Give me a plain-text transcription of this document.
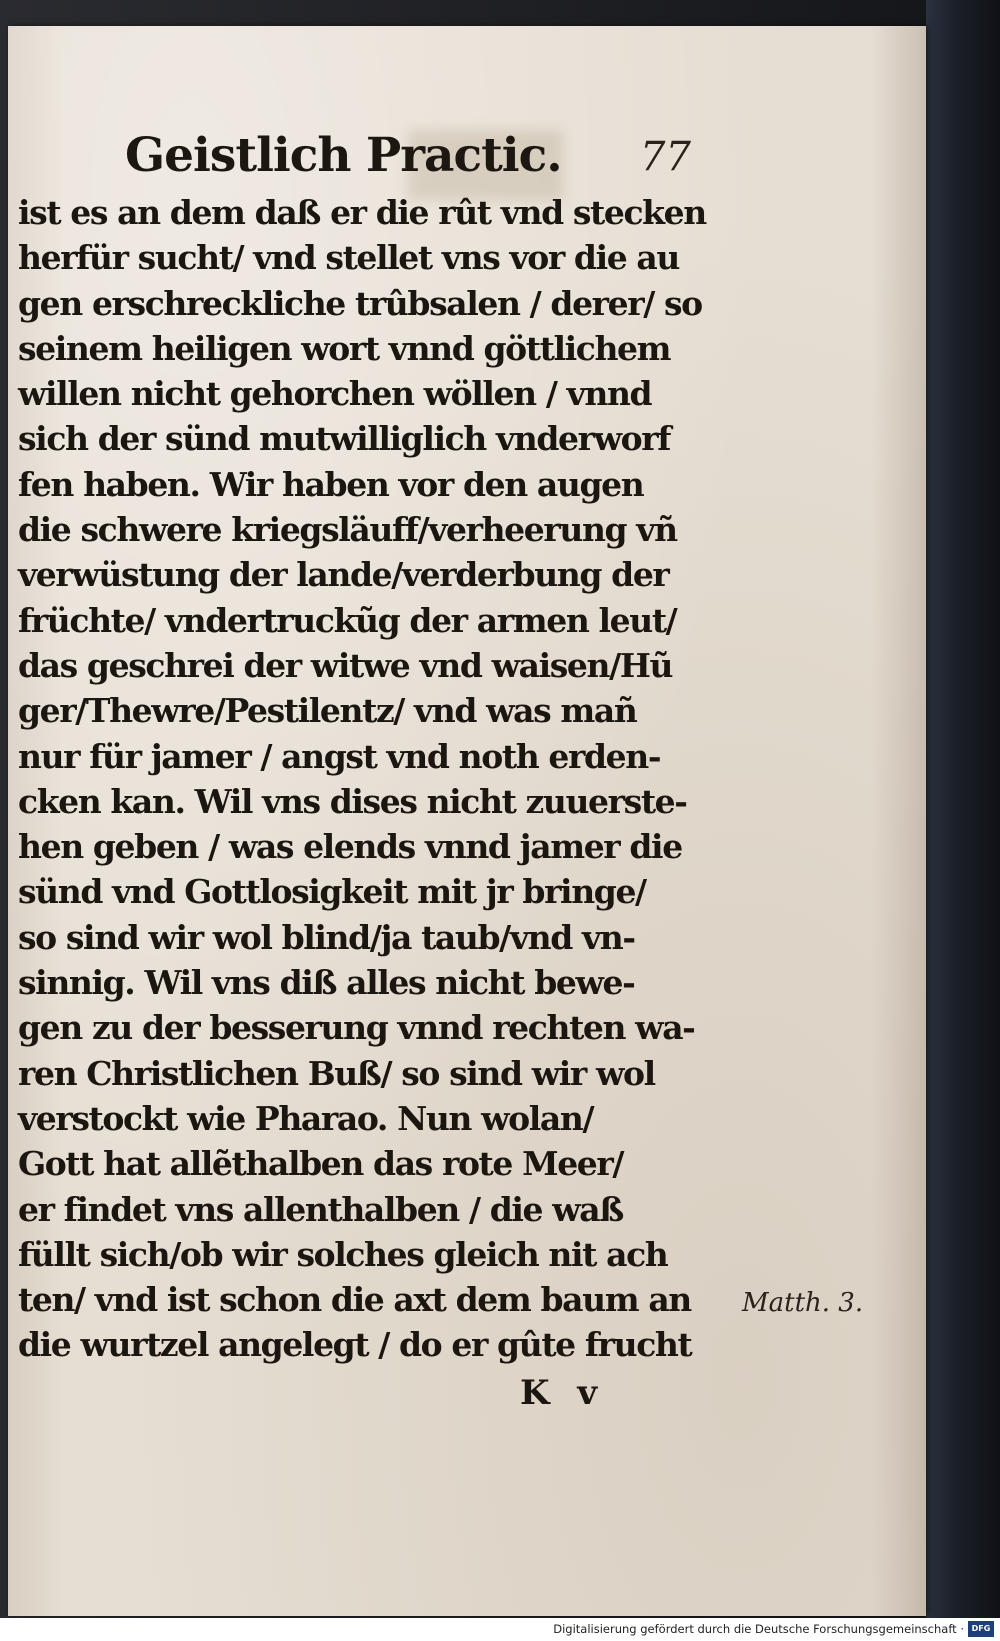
Geistlich Practic. 77
ist es an dem daß er die rût vnd stecken
herfür sucht/ vnd stellet vns vor die au
gen erschreckliche trûbsalen / derer/ so
seinem heiligen wort vnnd göttlichem
willen nicht gehorchen wöllen / vnnd
sich der sünd mutwilliglich vnderworf
fen haben. Wir haben vor den augen
die schwere kriegsläuff/verheerung vñ
verwüstung der lande/verderbung der
früchte/ vndertruckũg der armen leut/
das geschrei der witwe vnd waisen/Hũ
ger/Thewre/Pestilentz/ vnd was mañ
nur für jamer / angst vnd noth erden-
cken kan. Wil vns dises nicht zuuerste-
hen geben / was elends vnnd jamer die
sünd vnd Gottlosigkeit mit jr bringe/
so sind wir wol blind/ja taub/vnd vn-
sinnig. Wil vns diß alles nicht bewe-
gen zu der besserung vnnd rechten wa-
ren Christlichen Buß/ so sind wir wol
verstockt wie Pharao. Nun wolan/
Gott hat allẽthalben das rote Meer/
er findet vns allenthalben / die waß
füllt sich/ob wir solches gleich nit ach
ten/ vnd ist schon die axt dem baum an
die wurtzel angelegt / do er gûte frucht
Matth. 3.
K v
Digitalisierung gefördert durch die Deutsche Forschungsgemeinschaft · DFG
